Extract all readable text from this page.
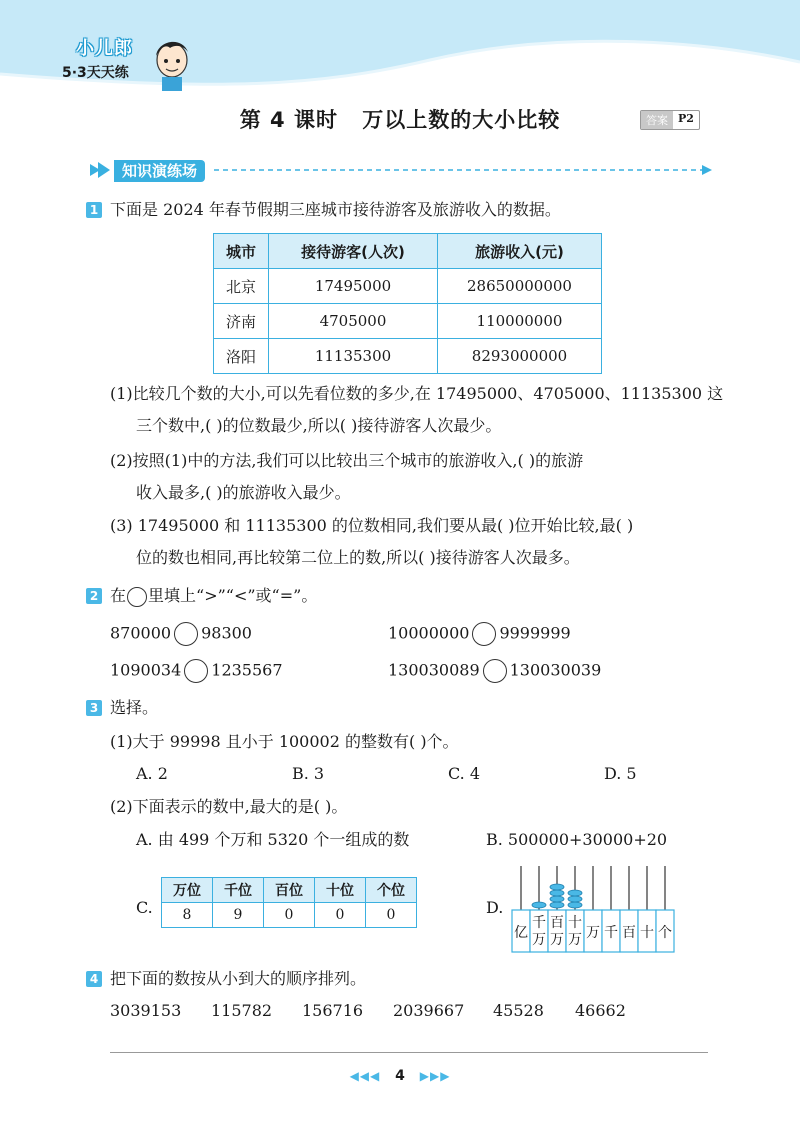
小儿郎
5·3天天练
第 4 课时 万以上数的大小比较	答案 P2
知识演练场
1 下面是 2024 年春节假期三座城市接待游客及旅游收入的数据。
城市	接待游客(人次)	旅游收入(元)
北京	17495000	28650000000
济南	4705000	110000000
洛阳	11135300	8293000000
(1)比较几个数的大小,可以先看位数的多少,在 17495000、4705000、11135300 这
三个数中,( )的位数最少,所以( )接待游客人次最少。
(2)按照(1)中的方法,我们可以比较出三个城市的旅游收入,( )的旅游
收入最多,( )的旅游收入最少。
(3) 17495000 和 11135300 的位数相同,我们要从最( )位开始比较,最( )
位的数也相同,再比较第二位上的数,所以( )接待游客人次最多。
2 在 里填上“>”“<”或“=”。
870000 98300	10000000 9999999
1090034 1235567	130030089 130030039
3 选择。
(1)大于 99998 且小于 100002 的整数有( )个。
A. 2	B. 3	C. 4	D. 5
(2)下面表示的数中,最大的是( )。
A. 由 499 个万和 5320 个一组成的数	B. 500000+30000+20
C.
万位	千位	百位	十位	个位
8	9	0	0	0	D.
亿
千
万
百
万
十
万 万 千 百 十 个
4 把下面的数按从小到大的顺序排列。
3039153 115782 156716 2039667 45528 46662
◀◀◀ 4 ▶▶▶
